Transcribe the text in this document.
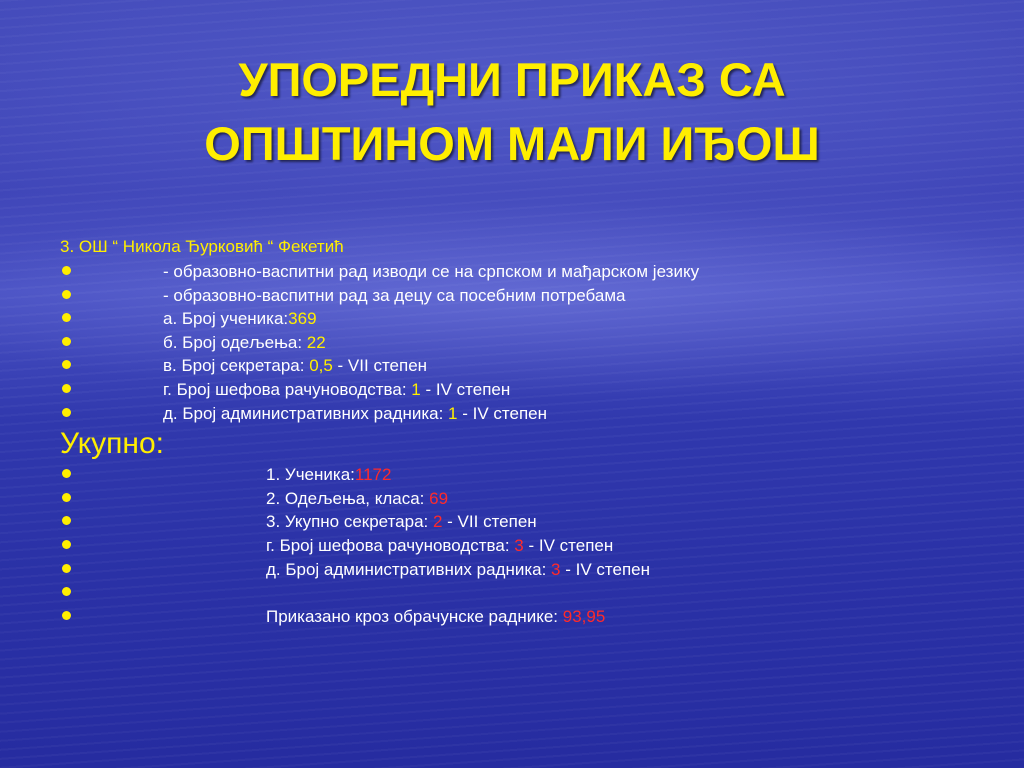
УПОРЕДНИ ПРИКАЗ СА
ОПШТИНОМ МАЛИ ИЂОШ
3. ОШ “ Никола Ђурковић “ Фекетић
- образовно-васпитни рад изводи се на српском и мађарском језику
- образовно-васпитни рад за децу са посебним потребама
а. Број ученика:369
б. Број одељења: 22
в. Број секретара: 0,5 - VII степен
г. Број шефова рачуноводства: 1 - IV степен
д. Број административних радника: 1 - IV степен
Укупно:
1. Ученика:1172
2. Одељења, класа: 69
3. Укупно секретара: 2 - VII степен
г. Број шефова рачуноводства: 3 - IV степен
д. Број административних радника: 3 - IV степен
Приказано кроз обрачунске раднике: 93,95
